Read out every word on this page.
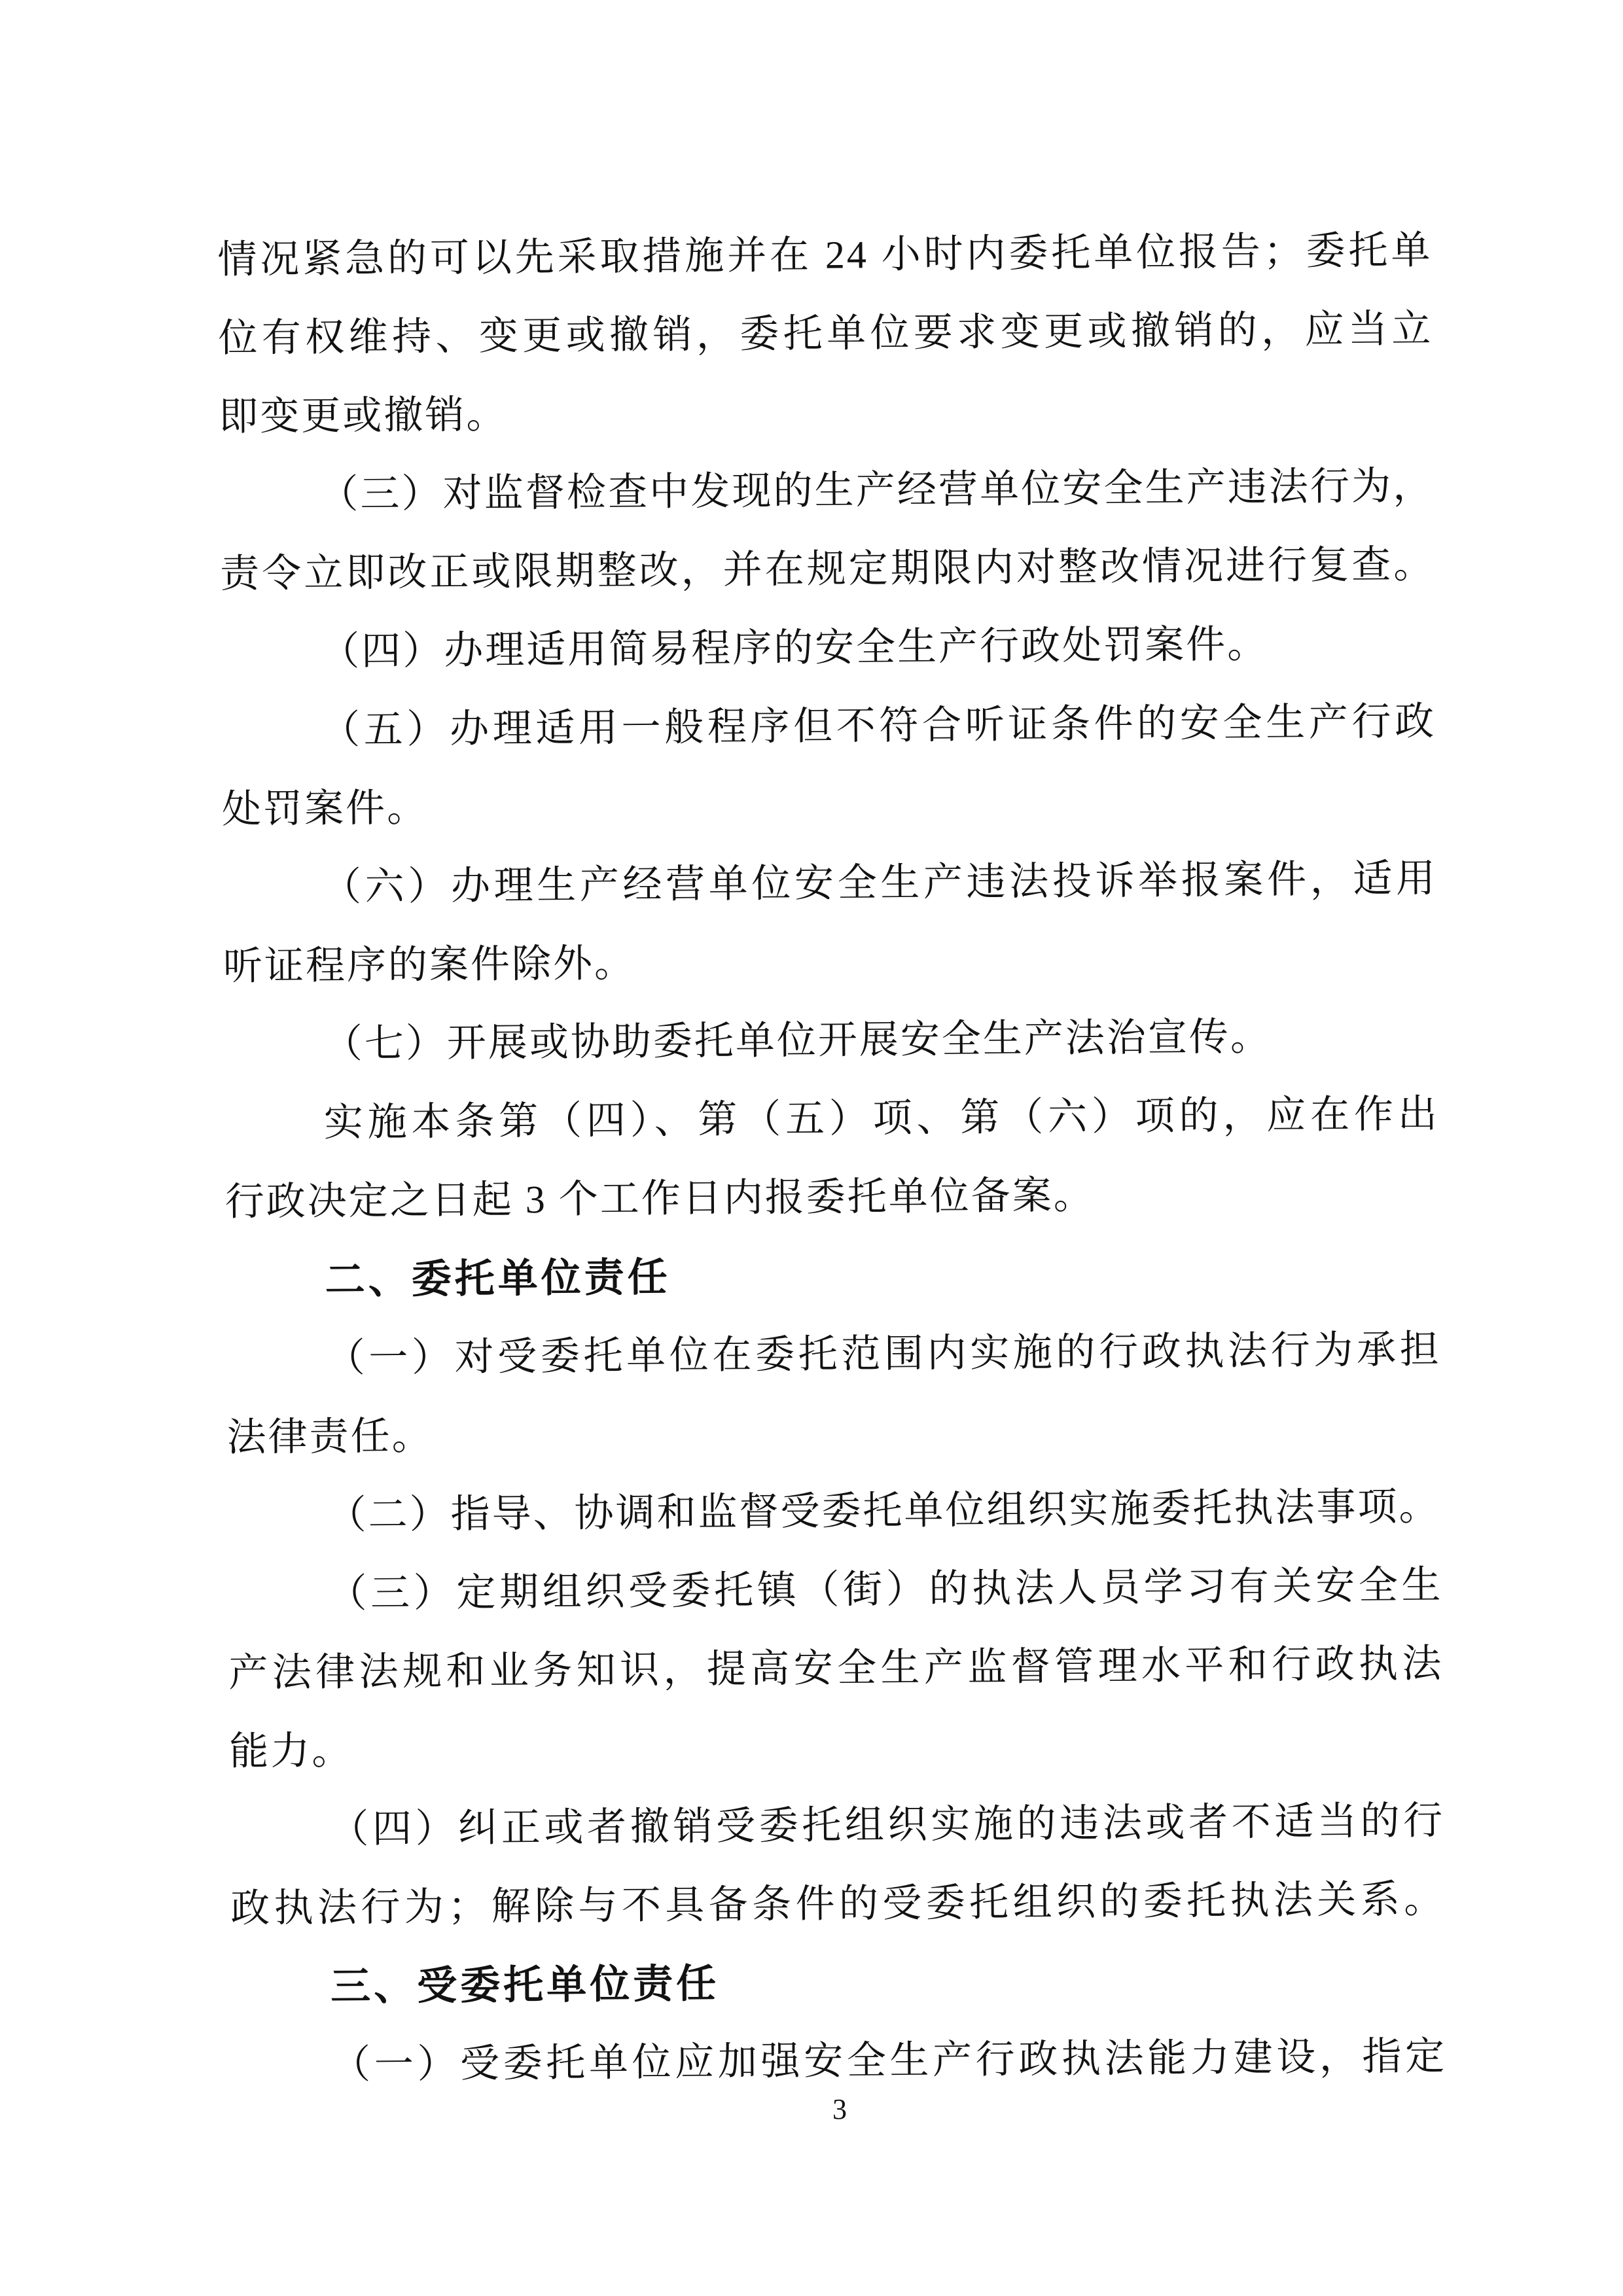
情况紧急的可以先采取措施并在 24 小时内委托单位报告；委托单
位有权维持、变更或撤销，委托单位要求变更或撤销的，应当立
即变更或撤销。
（三）对监督检查中发现的生产经营单位安全生产违法行为，
责令立即改正或限期整改，并在规定期限内对整改情况进行复查。
（四）办理适用简易程序的安全生产行政处罚案件。
（五）办理适用一般程序但不符合听证条件的安全生产行政
处罚案件。
（六）办理生产经营单位安全生产违法投诉举报案件，适用
听证程序的案件除外。
（七）开展或协助委托单位开展安全生产法治宣传。
实施本条第（四）、第（五）项、第（六）项的，应在作出
行政决定之日起 3 个工作日内报委托单位备案。
二、委托单位责任
（一）对受委托单位在委托范围内实施的行政执法行为承担
法律责任。
（二）指导、协调和监督受委托单位组织实施委托执法事项。
（三）定期组织受委托镇（街）的执法人员学习有关安全生
产法律法规和业务知识，提高安全生产监督管理水平和行政执法
能力。
（四）纠正或者撤销受委托组织实施的违法或者不适当的行
政执法行为；解除与不具备条件的受委托组织的委托执法关系。
三、受委托单位责任
（一）受委托单位应加强安全生产行政执法能力建设，指定
3
